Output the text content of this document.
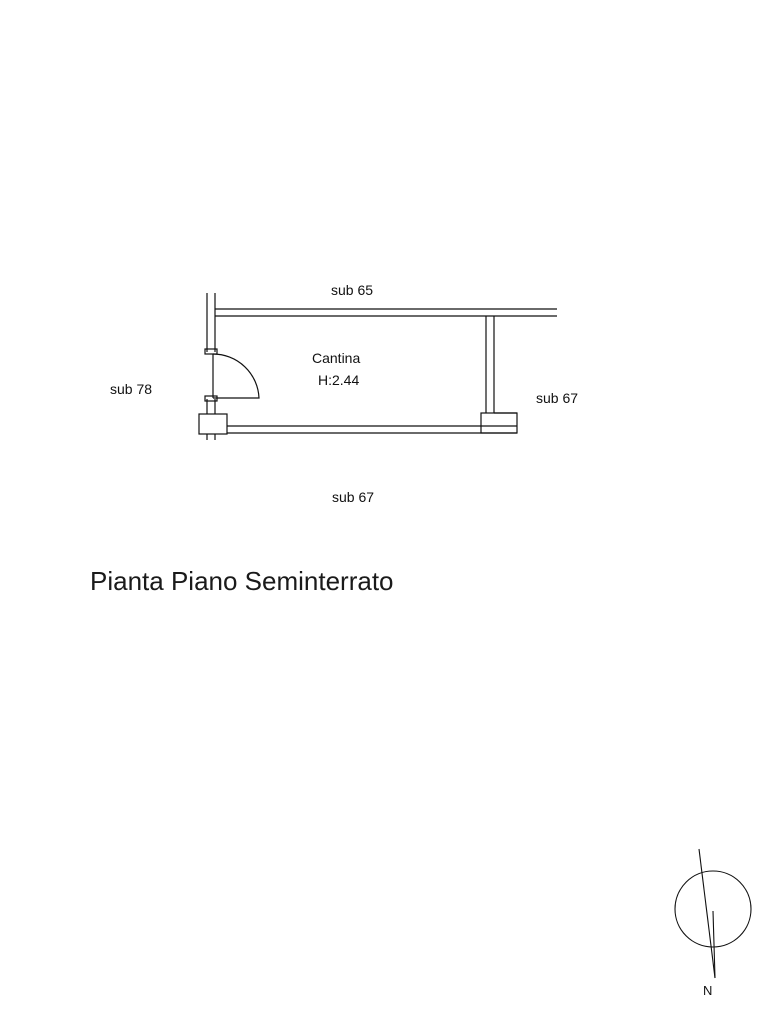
sub 65
sub 78
sub 67
sub 67
Cantina
H:2.44
Pianta Piano Seminterrato
N
